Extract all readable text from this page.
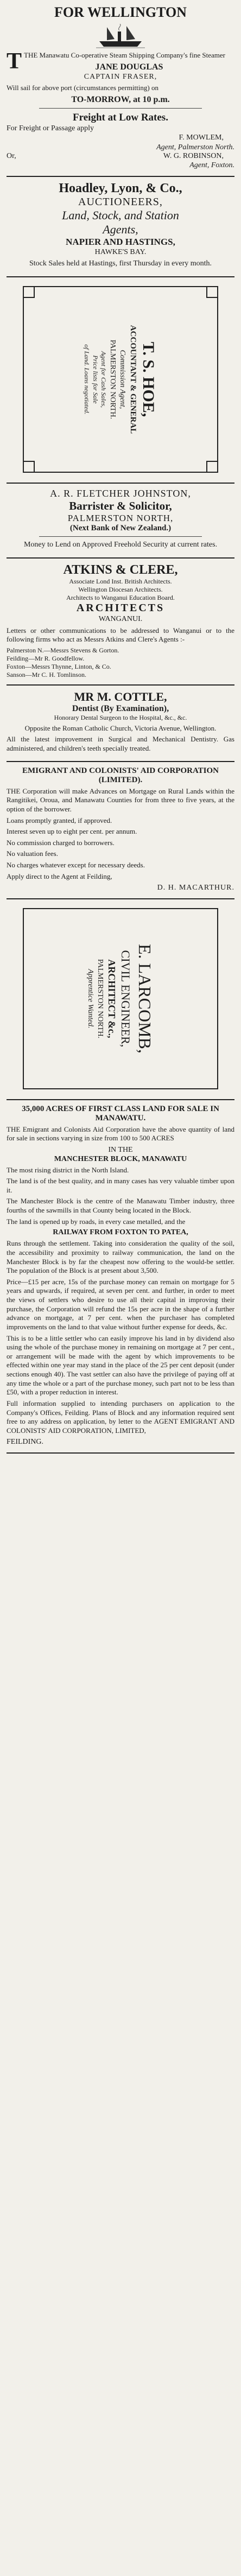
FOR WELLINGTON
TTHE Manawatu Co-operative Steam Shipping Company's fine Steamer
JANE DOUGLAS
CAPTAIN FRASER,
Will sail for above port (circumstances permitting) on
TO-MORROW, at 10 p.m.
Freight at Low Rates.
For Freight or Passage apply
F. MOWLEM,
Agent, Palmerston North.
Or,	W. G. ROBINSON,
Agent, Foxton.
Hoadley, Lyon, & Co.,
AUCTIONEERS,
Land, Stock, and Station
Agents,
NAPIER AND HASTINGS,
HAWKE'S BAY.
Stock Sales held at Hastings, first Thursday in every month.
T. S. HOE,
ACCOUNTANT & GENERAL
Commission Agent,
PALMERSTON NORTH.
Agent for Cash Sales,
Price lists for Sale
of Land. Loans negotiated.
A. R. FLETCHER JOHNSTON,
Barrister & Solicitor,
PALMERSTON NORTH,
(Next Bank of New Zealand.)
Money to Lend on Approved Freehold Security at current rates.
ATKINS & CLERE,
Associate Lond Inst. British Architects.
Wellington Diocesan Architects.
Architects to Wanganui Education Board.
ARCHITECTS
WANGANUI.
Letters or other communications to be addressed to Wanganui or to the following firms who act as Messrs Atkins and Clere's Agents :-
Palmerston N.—Messrs Stevens & Gorton.
Feilding—Mr R. Goodfellow.
Foxton—Messrs Thynne, Linton, & Co.
Sanson—Mr C. H. Tomlinson.
MR M. COTTLE,
Dentist (By Examination),
Honorary Dental Surgeon to the Hospital, &c., &c.
Opposite the Roman Catholic Church, Victoria Avenue, Wellington.
All the latest improvement in Surgical and Mechanical Dentistry. Gas administered, and children's teeth specially treated.
EMIGRANT AND COLONISTS' AID CORPORATION (LIMITED).
THE Corporation will make Advances on Mortgage on Rural Lands within the Rangitikei, Oroua, and Manawatu Counties for from three to five years, at the option of the borrower.
Loans promptly granted, if approved.
Interest seven up to eight per cent. per annum.
No commission charged to borrowers.
No valuation fees.
No charges whatever except for necessary deeds.
Apply direct to the Agent at Feilding,
D. H. MACARTHUR.
E. LARCOMB,
CIVIL ENGINEER,
ARCHITECT &c.,
PALMERSTON NORTH.
Apprentice Wanted.
35,000 ACRES OF FIRST CLASS LAND FOR SALE IN MANAWATU.
THE Emigrant and Colonists Aid Corporation have the above quantity of land for sale in sections varying in size from 100 to 500 ACRES
IN THE
MANCHESTER BLOCK, MANAWATU
The most rising district in the North Island.
The land is of the best quality, and in many cases has very valuable timber upon it.
The Manchester Block is the centre of the Manawatu Timber industry, three fourths of the sawmills in that County being located in the Block.
The land is opened up by roads, in every case metalled, and the
RAILWAY FROM FOXTON TO PATEA,
Runs through the settlement. Taking into consideration the quality of the soil, the accessibility and proximity to railway communication, the land on the Manchester Block is by far the cheapest now offering to the would-be settler. The population of the Block is at present about 3,500.
Price—£15 per acre, 15s of the purchase money can remain on mortgage for 5 years and upwards, if required, at seven per cent. and further, in order to meet the views of settlers who desire to use all their capital in improving their purchase, the Corporation will refund the 15s per acre in the shape of a further advance on mortgage, at 7 per cent. when the purchaser has completed improvements on the land to that value without further expense for deeds, &c.
This is to be a little settler who can easily improve his land in by dividend also using the whole of the purchase money in remaining on mortgage at 7 per cent., or arrangement will be made with the agent by which improvements to be effected within one year may stand in the place of the 25 per cent deposit (under sections enough 40). The vast settler can also have the privilege of paying off at any time the whole or a part of the purchase money, such part not to be less than £50, with a proper reduction in interest.
Full information supplied to intending purchasers on application to the Company's Offices, Feilding. Plans of Block and any information required sent free to any address on application, by letter to the AGENT EMIGRANT AND COLONISTS' AID CORPORATION, LIMITED,
FEILDING.
